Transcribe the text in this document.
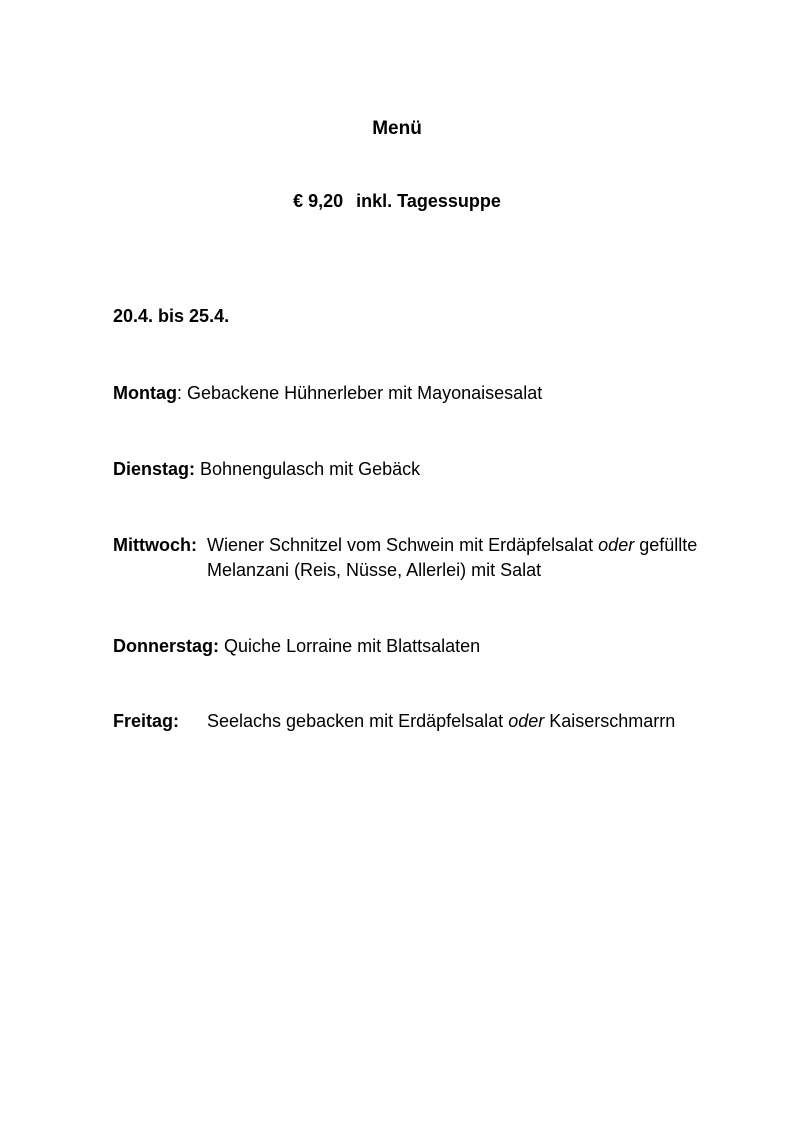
Menü
€ 9,20 inkl. Tagessuppe
20.4. bis 25.4.
Montag: Gebackene Hühnerleber mit Mayonaisesalat
Dienstag: Bohnengulasch mit Gebäck
Mittwoch: Wiener Schnitzel vom Schwein mit Erdäpfelsalat oder gefüllte
Melanzani (Reis, Nüsse, Allerlei) mit Salat
Donnerstag: Quiche Lorraine mit Blattsalaten
Freitag: Seelachs gebacken mit Erdäpfelsalat oder Kaiserschmarrn
